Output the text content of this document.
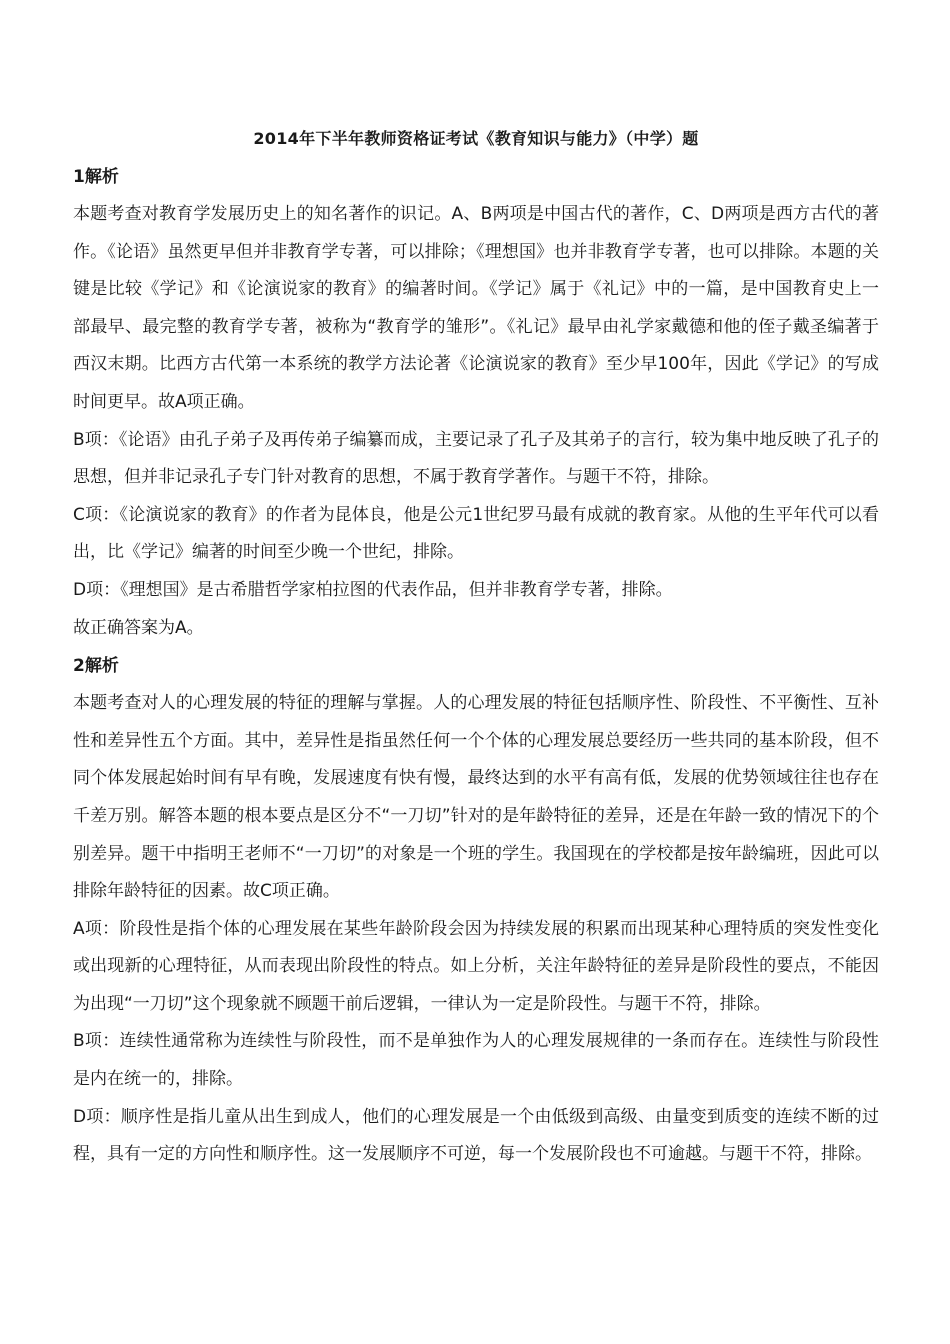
2014年下半年教师资格证考试《教育知识与能力》（中学）题

1解析

本题考查对教育学发展历史上的知名著作的识记。A、B两项是中国古代的著作，C、D两项是西方古代的著作。《论语》虽然更早但并非教育学专著，可以排除；《理想国》也并非教育学专著，也可以排除。本题的关键是比较《学记》和《论演说家的教育》的编著时间。《学记》属于《礼记》中的一篇，是中国教育史上一部最早、最完整的教育学专著，被称为“教育学的雏形”。《礼记》最早由礼学家戴德和他的侄子戴圣编著于西汉末期。比西方古代第一本系统的教学方法论著《论演说家的教育》至少早100年，因此《学记》的写成时间更早。故A项正确。

B项：《论语》由孔子弟子及再传弟子编纂而成，主要记录了孔子及其弟子的言行，较为集中地反映了孔子的思想，但并非记录孔子专门针对教育的思想，不属于教育学著作。与题干不符，排除。

C项：《论演说家的教育》的作者为昆体良，他是公元1世纪罗马最有成就的教育家。从他的生平年代可以看出，比《学记》编著的时间至少晚一个世纪，排除。

D项：《理想国》是古希腊哲学家柏拉图的代表作品，但并非教育学专著，排除。

故正确答案为A。

2解析

本题考查对人的心理发展的特征的理解与掌握。人的心理发展的特征包括顺序性、阶段性、不平衡性、互补性和差异性五个方面。其中，差异性是指虽然任何一个个体的心理发展总要经历一些共同的基本阶段，但不同个体发展起始时间有早有晚，发展速度有快有慢，最终达到的水平有高有低，发展的优势领域往往也存在千差万别。解答本题的根本要点是区分不“一刀切”针对的是年龄特征的差异，还是在年龄一致的情况下的个别差异。题干中指明王老师不“一刀切”的对象是一个班的学生。我国现在的学校都是按年龄编班，因此可以排除年龄特征的因素。故C项正确。

A项：阶段性是指个体的心理发展在某些年龄阶段会因为持续发展的积累而出现某种心理特质的突发性变化或出现新的心理特征，从而表现出阶段性的特点。如上分析，关注年龄特征的差异是阶段性的要点，不能因为出现“一刀切”这个现象就不顾题干前后逻辑，一律认为一定是阶段性。与题干不符，排除。

B项：连续性通常称为连续性与阶段性，而不是单独作为人的心理发展规律的一条而存在。连续性与阶段性是内在统一的，排除。

D项：顺序性是指儿童从出生到成人，他们的心理发展是一个由低级到高级、由量变到质变的连续不断的过程，具有一定的方向性和顺序性。这一发展顺序不可逆，每一个发展阶段也不可逾越。与题干不符，排除。
